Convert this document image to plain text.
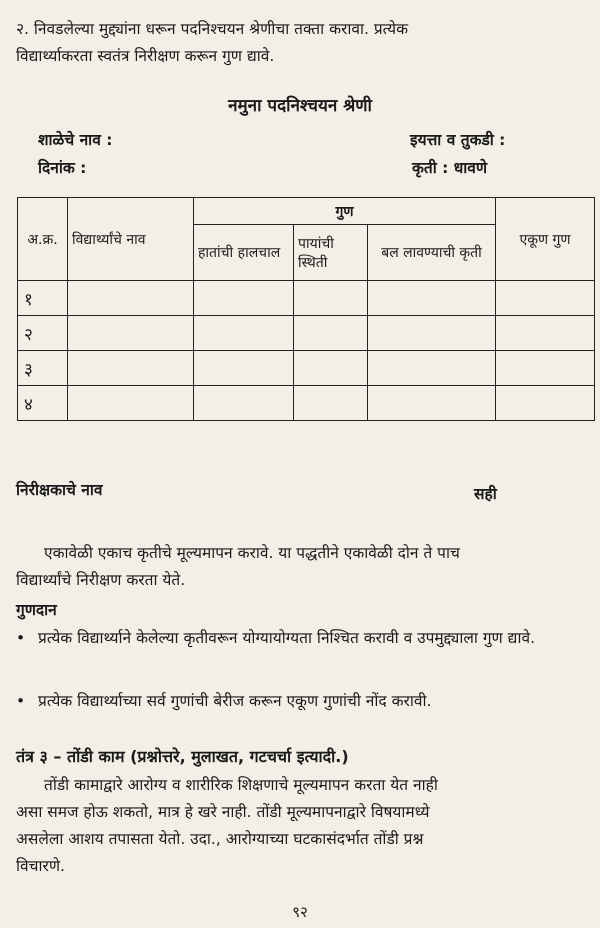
२. निवडलेल्या मुद्द्यांना धरून पदनिश्चयन श्रेणीचा तक्ता करावा. प्रत्येक
विद्यार्थ्याकरता स्वतंत्र निरीक्षण करून गुण द्यावे.
नमुना पदनिश्चयन श्रेणी
शाळेचे नाव :	इयत्ता व तुकडी :
दिनांक :	कृती : धावणे
अ.क्र.	विद्यार्थ्यांचे नाव	गुण			एकूण गुण
		हातांची हालचाल	पायांची स्थिती	बल लावण्याची कृती	
१					
२					
३					
४					
निरीक्षकाचे नाव	सही
एकावेळी एकाच कृतीचे मूल्यमापन करावे. या पद्धतीने एकावेळी दोन ते पाच

विद्यार्थ्यांचे निरीक्षण करता येते.
गुणदान
• प्रत्येक विद्यार्थ्याने केलेल्या कृतीवरून योग्यायोग्यता निश्चित करावी व उपमुद्द्याला गुण द्यावे.
• प्रत्येक विद्यार्थ्याच्या सर्व गुणांची बेरीज करून एकूण गुणांची नोंद करावी.
तंत्र ३ – तोंडी काम (प्रश्नोत्तरे, मुलाखत, गटचर्चा इत्यादी.)
तोंडी कामाद्वारे आरोग्य व शारीरिक शिक्षणाचे मूल्यमापन करता येत नाही
असा समज होऊ शकतो, मात्र हे खरे नाही. तोंडी मूल्यमापनाद्वारे विषयामध्ये
असलेला आशय तपासता येतो. उदा., आरोग्याच्या घटकासंदर्भात तोंडी प्रश्न
विचारणे.
९२
